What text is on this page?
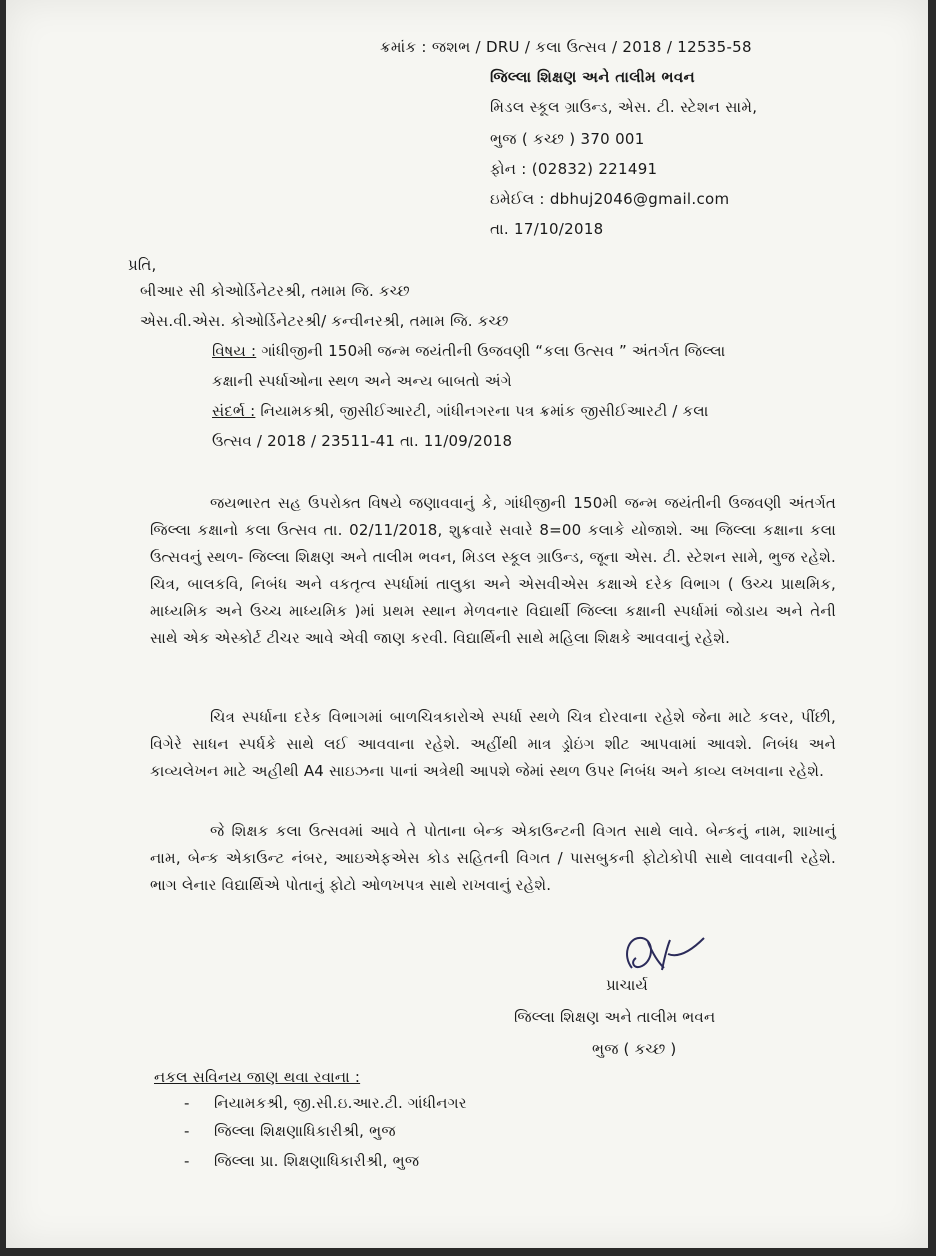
ક્રમાંક : જશભ / DRU / કલા ઉત્સવ / 2018 / 12535-58
જિલ્લા શિક્ષણ અને તાલીમ ભવન
મિડલ સ્કૂલ ગ્રાઉન્ડ, એસ. ટી. સ્ટેશન સામે,
ભુજ ( કચ્છ ) 370 001
ફોન : (02832) 221491
ઇમેઈલ : dbhuj2046@gmail.com
તા. 17/10/2018
પ્રતિ,
બીઆર સી કોઓર્ડિનેટરશ્રી, તમામ જિ. કચ્છ
એસ.વી.એસ. કોઓર્ડિનેટરશ્રી/ કન્વીનરશ્રી, તમામ જિ. કચ્છ
વિષય : ગાંધીજીની 150મી જન્મ જયંતીની ઉજવણી “કલા ઉત્સવ ” અંતર્ગત જિલ્લા
કક્ષાની સ્પર્ધાઓના સ્થળ અને અન્ય બાબતો અંગે
સંદર્ભ : નિયામકશ્રી, જીસીઈઆરટી, ગાંધીનગરના પત્ર ક્રમાંક જીસીઈઆરટી / કલા
ઉત્સવ / 2018 / 23511-41 તા. 11/09/2018
જયભારત સહ ઉપરોક્ત વિષયે જણાવવાનું કે, ગાંધીજીની 150મી જન્મ જયંતીની ઉજવણી અંતર્ગત જિલ્લા કક્ષાનો કલા ઉત્સવ તા. 02/11/2018, શુક્રવારે સવારે 8=00 કલાકે યોજાશે. આ જિલ્લા કક્ષાના કલા ઉત્સવનું સ્થળ- જિલ્લા શિક્ષણ અને તાલીમ ભવન, મિડલ સ્કૂલ ગ્રાઉન્ડ, જૂના એસ. ટી. સ્ટેશન સામે, ભુજ રહેશે. ચિત્ર, બાલકવિ, નિબંધ અને વકતૃત્વ સ્પર્ધામાં તાલુકા અને એસવીએસ કક્ષાએ દરેક વિભાગ ( ઉચ્ચ પ્રાથમિક, માધ્યમિક અને ઉચ્ચ માધ્યમિક )માં પ્રથમ સ્થાન મેળવનાર વિદ્યાર્થી જિલ્લા કક્ષાની સ્પર્ધામાં જોડાય અને તેની સાથે એક એસ્કોર્ટ ટીચર આવે એવી જાણ કરવી. વિદ્યાર્થિની સાથે મહિલા શિક્ષકે આવવાનું રહેશે.
ચિત્ર સ્પર્ધાના દરેક વિભાગમાં બાળચિત્રકારોએ સ્પર્ધા સ્થળે ચિત્ર દોરવાના રહેશે જેના માટે કલર, પીંછી, વિગેરે સાધન સ્પર્ધકે સાથે લઈ આવવાના રહેશે. અહીંથી માત્ર ડ્રોઇંગ શીટ આપવામાં આવશે. નિબંધ અને કાવ્યલેખન માટે અહીથી A4 સાઇઝના પાનાં અત્રેથી આપશે જેમાં સ્થળ ઉપર નિબંધ અને કાવ્ય લખવાના રહેશે.
જે શિક્ષક કલા ઉત્સવમાં આવે તે પોતાના બેન્ક એકાઉન્ટની વિગત સાથે લાવે. બેન્કનું નામ, શાખાનું નામ, બેન્ક એકાઉન્ટ નંબર, આઇએફએસ કોડ સહિતની વિગત / પાસબુકની ફોટોકોપી સાથે લાવવાની રહેશે. ભાગ લેનાર વિદ્યાર્થિએ પોતાનું ફોટો ઓળખપત્ર સાથે રાખવાનું રહેશે.
પ્રાચાર્ય
જિલ્લા શિક્ષણ અને તાલીમ ભવન
ભુજ ( કચ્છ )
નકલ સવિનય જાણ થવા રવાના :
- નિયામકશ્રી, જી.સી.ઇ.આર.ટી. ગાંધીનગર
- જિલ્લા શિક્ષણાધિકારીશ્રી, ભુજ
- જિલ્લા પ્રા. શિક્ષણાધિકારીશ્રી, ભુજ
